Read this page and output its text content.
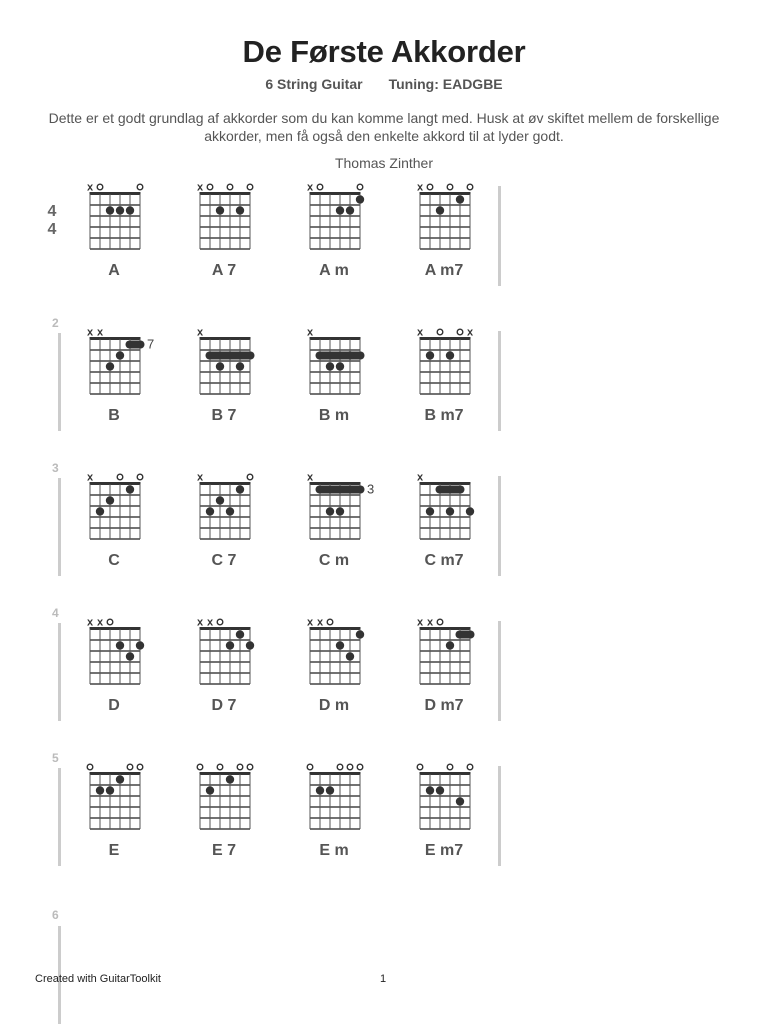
De Første Akkorder
6 String Guitar Tuning: EADGBE
Dette er et godt grundlag af akkorder som du kan komme langt med. Husk at øv skiftet mellem de forskellige akkorder, men få også den enkelte akkord til at lyder godt.
Thomas Zinther
4
4
x
A
x
A 7
x
A m
x
A m7
2
x x
7
B
x
B 7
x
B m
x	x
B m7
3
x
C
x
C 7
x
3
C m
x
C m7
4
x x
D
x x
D 7
x x
D m
x x
D m7
5
E	E 7	E m	E m7
6
Created with GuitarToolkit	1
